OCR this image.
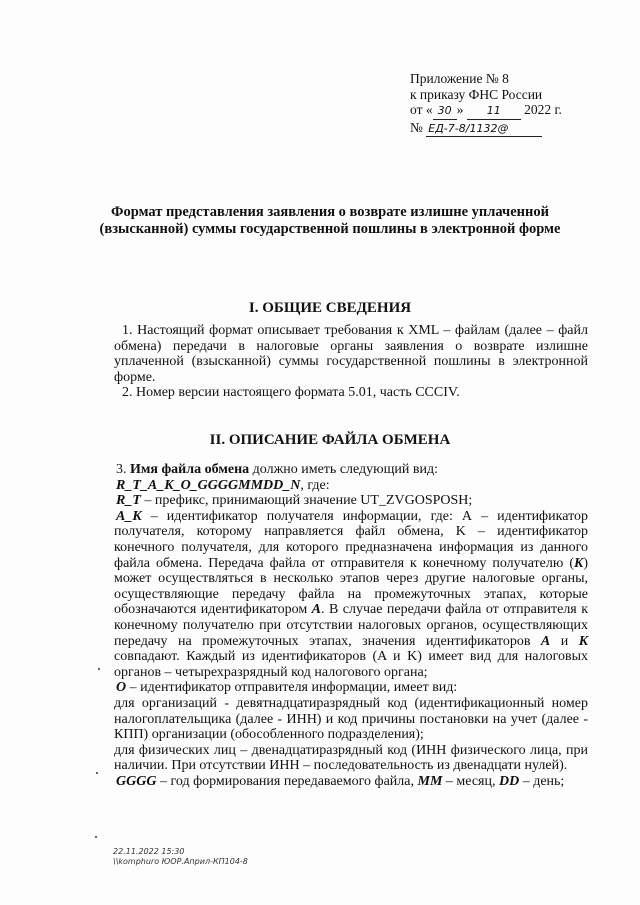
Приложение № 8
к приказу ФНС России
от « 30 » 11 2022 г.
№ ЕД-7-8/1132@
Формат представления заявления о возврате излишне уплаченной (взысканной) суммы государственной пошлины в электронной форме
I. ОБЩИЕ СВЕДЕНИЯ

1. Настоящий формат описывает требования к XML – файлам (далее – файл обмена) передачи в налоговые органы заявления о возврате излишне уплаченной (взысканной) суммы государственной пошлины в электронной форме.

2. Номер версии настоящего формата 5.01, часть CCCIV.

II. ОПИСАНИЕ ФАЙЛА ОБМЕНА

3. Имя файла обмена должно иметь следующий вид:

R_T_A_K_O_GGGGMMDD_N, где:

R_T – префикс, принимающий значение UT_ZVGOSPOSH;

A_K – идентификатор получателя информации, где: А – идентификатор получателя, которому направляется файл обмена, K – идентификатор конечного получателя, для которого предназначена информация из данного файла обмена. Передача файла от отправителя к конечному получателю (K) может осуществляться в несколько этапов через другие налоговые органы, осуществляющие передачу файла на промежуточных этапах, которые обозначаются идентификатором А. В случае передачи файла от отправителя к конечному получателю при отсутствии налоговых органов, осуществляющих передачу на промежуточных этапах, значения идентификаторов А и K совпадают. Каждый из идентификаторов (A и K) имеет вид для налоговых органов – четырехразрядный код налогового органа;

O – идентификатор отправителя информации, имеет вид:

для организаций - девятнадцатиразрядный код (идентификационный номер налогоплательщика (далее - ИНН) и код причины постановки на учет (далее - КПП) организации (обособленного подразделения);

для физических лиц – двенадцатиразрядный код (ИНН физического лица, при наличии. При отсутствии ИНН – последовательность из двенадцати нулей).

GGGG – год формирования передаваемого файла, MM – месяц, DD – день;

22.11.2022 15:30
\\komphuro ЮОР.Април-КП104-8
